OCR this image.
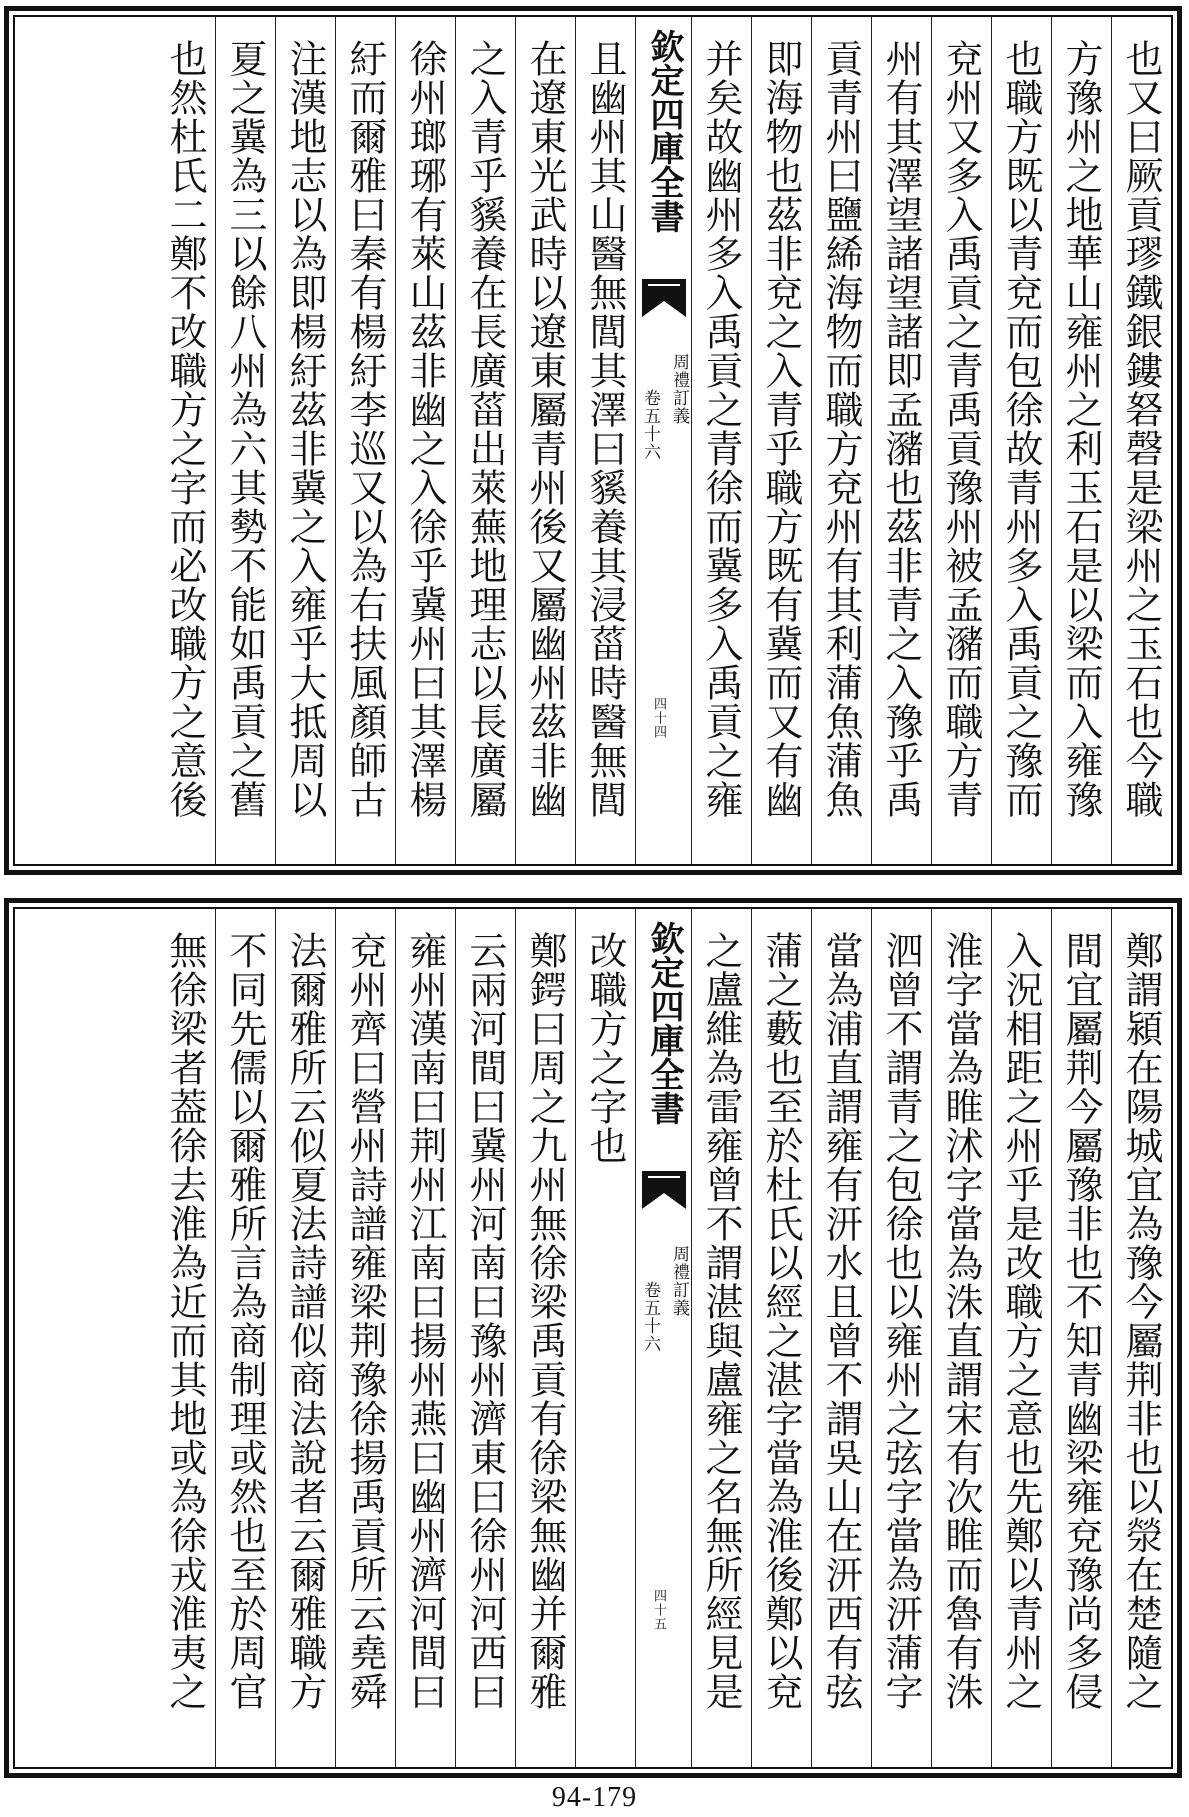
也又曰厥貢璆鐵銀鏤砮磬是梁州之玉石也今職
方豫州之地華山雍州之利玉石是以梁而入雍豫
也職方既以青兗而包徐故青州多入禹貢之豫而
兗州又多入禹貢之青禹貢豫州被孟瀦而職方青
州有其澤望諸望諸即孟瀦也茲非青之入豫乎禹
貢青州曰鹽絺海物而職方兗州有其利蒲魚蒲魚
即海物也茲非兗之入青乎職方既有冀而又有幽
并矣故幽州多入禹貢之青徐而冀多入禹貢之雍
欽定四庫全書
周禮訂義
卷五十六
四十四
且幽州其山醫無閭其澤曰貕養其浸菑時醫無閭
在遼東光武時以遼東屬青州後又屬幽州茲非幽
之入青乎貕養在長廣菑出萊蕪地理志以長廣屬
徐州瑯琊有萊山茲非幽之入徐乎冀州曰其澤楊
紆而爾雅曰秦有楊紆李巡又以為右扶風顏師古
注漢地志以為即楊紆茲非冀之入雍乎大抵周以
夏之冀為三以餘八州為六其勢不能如禹貢之舊
也然杜氏二鄭不改職方之字而必改職方之意後
鄭謂潁在陽城宜為豫今屬荆非也以滎在楚隨之
間宜屬荆今屬豫非也不知青幽梁雍兗豫尚多侵
入況相距之州乎是改職方之意也先鄭以青州之
淮字當為睢沭字當為洙直謂宋有次睢而魯有洙
泗曾不謂青之包徐也以雍州之弦字當為汧蒲字
當為浦直謂雍有汧水且曾不謂吳山在汧西有弦
蒲之藪也至於杜氏以經之湛字當為淮後鄭以兗
之盧維為雷雍曾不謂湛與盧雍之名無所經見是
欽定四庫全書
周禮訂義
卷五十六
四十五
改職方之字也
鄭鍔曰周之九州無徐梁禹貢有徐梁無幽并爾雅
云兩河間曰冀州河南曰豫州濟東曰徐州河西曰
雍州漢南曰荆州江南曰揚州燕曰幽州濟河間曰
兗州齊曰營州詩譜雍梁荆豫徐揚禹貢所云堯舜
法爾雅所云似夏法詩譜似商法說者云爾雅職方
不同先儒以爾雅所言為商制理或然也至於周官
無徐梁者葢徐去淮為近而其地或為徐戎淮夷之
94-179
